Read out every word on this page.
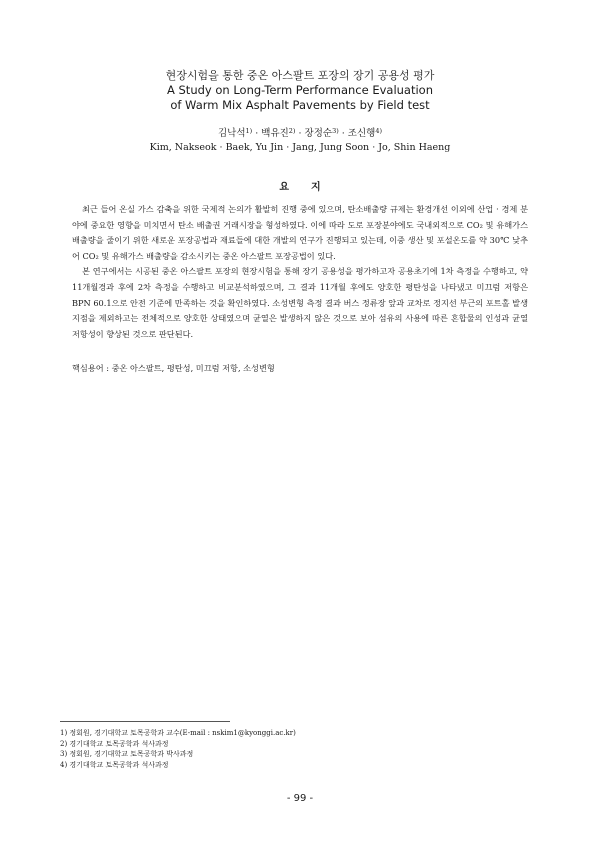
현장시험을 통한 중온 아스팔트 포장의 장기 공용성 평가
A Study on Long-Term Performance Evaluation
of Warm Mix Asphalt Pavements by Field test
김낙석$^{1)}$ · 백유진$^{2)}$ · 장정순$^{3)}$ · 조신행$^{4)}$
Kim, Nakseok · Baek, Yu Jin · Jang, Jung Soon · Jo, Shin Haeng
요지

최근 들어 온실 가스 감축을 위한 국제적 논의가 활발히 진행 중에 있으며, 탄소배출량 규제는 환경개선 이외에 산업 · 경제 분야에 중요한 영향을 미치면서 탄소 배출권 거래시장을 형성하였다. 이에 따라 도로 포장분야에도 국내외적으로 CO₂ 및 유해가스 배출량을 줄이기 위한 새로운 포장공법과 재료들에 대한 개발의 연구가 진행되고 있는데, 이중 생산 및 포설온도를 약 30℃ 낮추어 CO₂ 및 유해가스 배출량을 감소시키는 중온 아스팔트 포장공법이 있다.

본 연구에서는 시공된 중온 아스팔트 포장의 현장시험을 통해 장기 공용성을 평가하고자 공용초기에 1차 측정을 수행하고, 약 11개월경과 후에 2차 측정을 수행하고 비교분석하였으며, 그 결과 11개월 후에도 양호한 평탄성을 나타냈고 미끄럼 저항은 BPN 60.1으로 안전 기준에 만족하는 것을 확인하였다. 소성변형 측정 결과 버스 정류장 앞과 교차로 정지선 부근의 포트홀 발생 지점을 제외하고는 전체적으로 양호한 상태였으며 균열은 발생하지 않은 것으로 보아 섬유의 사용에 따른 혼합물의 인성과 균열 저항성이 향상된 것으로 판단된다.

핵심용어 : 중온 아스팔트, 평탄성, 미끄럼 저항, 소성변형

1) 정회원, 경기대학교 토목공학과 교수(E-mail : nskim1@kyonggi.ac.kr)

2) 경기대학교 토목공학과 석사과정

3) 정회원, 경기대학교 토목공학과 박사과정

4) 경기대학교 토목공학과 석사과정

- 99 -
